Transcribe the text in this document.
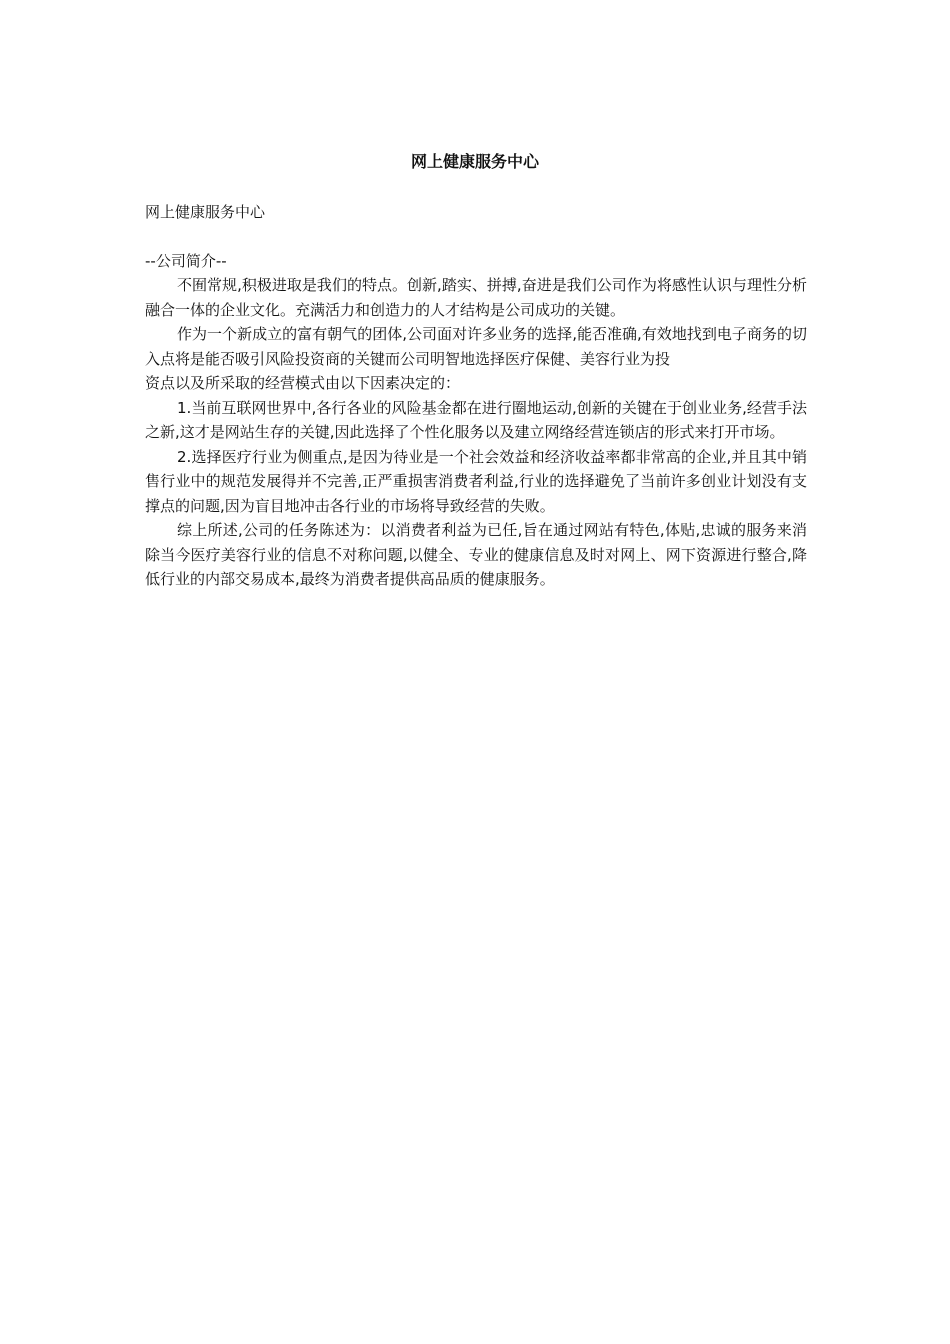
网上健康服务中心

网上健康服务中心

--公司简介--

不囿常规,积极进取是我们的特点。创新,踏实、拼搏,奋进是我们公司作为将感性认识与理性分析融合一体的企业文化。充满活力和创造力的人才结构是公司成功的关键。

作为一个新成立的富有朝气的团体,公司面对许多业务的选择,能否准确,有效地找到电子商务的切入点将是能否吸引风险投资商的关键而公司明智地选择医疗保健、美容行业为投

资点以及所采取的经营模式由以下因素决定的：

1.当前互联网世界中,各行各业的风险基金都在进行圈地运动,创新的关键在于创业业务,经营手法之新,这才是网站生存的关键,因此选择了个性化服务以及建立网络经营连锁店的形式来打开市场。

2.选择医疗行业为侧重点,是因为待业是一个社会效益和经济收益率都非常高的企业,并且其中销售行业中的规范发展得并不完善,正严重损害消费者利益,行业的选择避免了当前许多创业计划没有支撑点的问题,因为盲目地冲击各行业的市场将导致经营的失败。

综上所述,公司的任务陈述为：以消费者利益为已任,旨在通过网站有特色,体贴,忠诚的服务来消除当今医疗美容行业的信息不对称问题,以健全、专业的健康信息及时对网上、网下资源进行整合,降低行业的内部交易成本,最终为消费者提供高品质的健康服务。
